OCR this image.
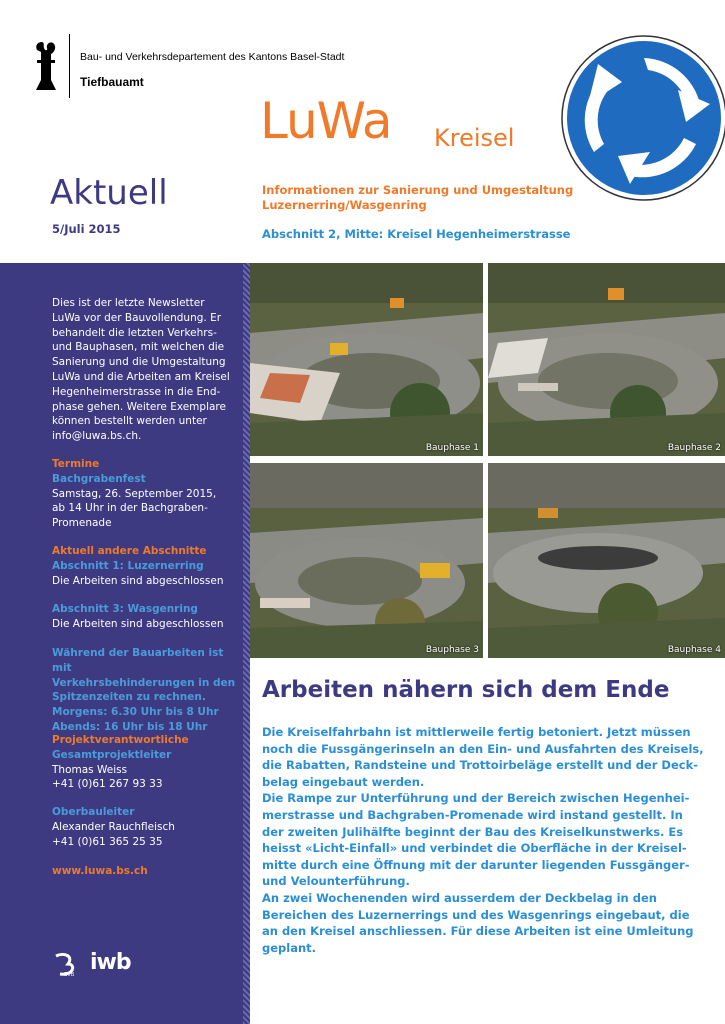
Bau- und Verkehrsdepartement des Kantons Basel-Stadt
Tiefbauamt
LuWa Kreisel
Aktuell
5/Juli 2015
Informationen zur Sanierung und Umgestaltung
Luzernerring/Wasgenring
Abschnitt 2, Mitte: Kreisel Hegenheimerstrasse
Dies ist der letzte Newsletter
LuWa vor der Bauvollendung. Er
behandelt die letzten Verkehrs-
und Bauphasen, mit welchen die
Sanierung und die Umgestaltung
LuWa und die Arbeiten am Kreisel
Hegenheimerstrasse in die End-
phase gehen. Weitere Exemplare
können bestellt werden unter
info@luwa.bs.ch.
Termine
Bachgrabenfest
Samstag, 26. September 2015,
ab 14 Uhr in der Bachgraben-
Promenade
Aktuell andere Abschnitte
Abschnitt 1: Luzernerring
Die Arbeiten sind abgeschlossen
Abschnitt 3: Wasgenring
Die Arbeiten sind abgeschlossen
Während der Bauarbeiten ist mit
Verkehrsbehinderungen in den
Spitzenzeiten zu rechnen.
Morgens: 6.30 Uhr bis 8 Uhr
Abends: 16 Uhr bis 18 Uhr
Projektverantwortliche
Gesamtprojektleiter
Thomas Weiss
+41 (0)61 267 93 33
Oberbauleiter
Alexander Rauchfleisch
+41 (0)61 365 25 35
www.luwa.bs.ch
BVB iwb
Bauphase 1	Bauphase 2
Bauphase 3	Bauphase 4
Arbeiten nähern sich dem Ende

Die Kreiselfahrbahn ist mittlerweile fertig betoniert. Jetzt müssen
noch die Fussgängerinseln an den Ein- und Ausfahrten des Kreisels,
die Rabatten, Randsteine und Trottoirbeläge erstellt und der Deck-
belag eingebaut werden.

Die Rampe zur Unterführung und der Bereich zwischen Hegenhei-
merstrasse und Bachgraben-Promenade wird instand gestellt. In
der zweiten Julihälfte beginnt der Bau des Kreiselkunstwerks. Es
heisst «Licht-Einfall» und verbindet die Oberfläche in der Kreisel-
mitte durch eine Öffnung mit der darunter liegenden Fussgänger-
und Velounterführung.

An zwei Wochenenden wird ausserdem der Deckbelag in den
Bereichen des Luzernerrings und des Wasgenrings eingebaut, die
an den Kreisel anschliessen. Für diese Arbeiten ist eine Umleitung
geplant.
